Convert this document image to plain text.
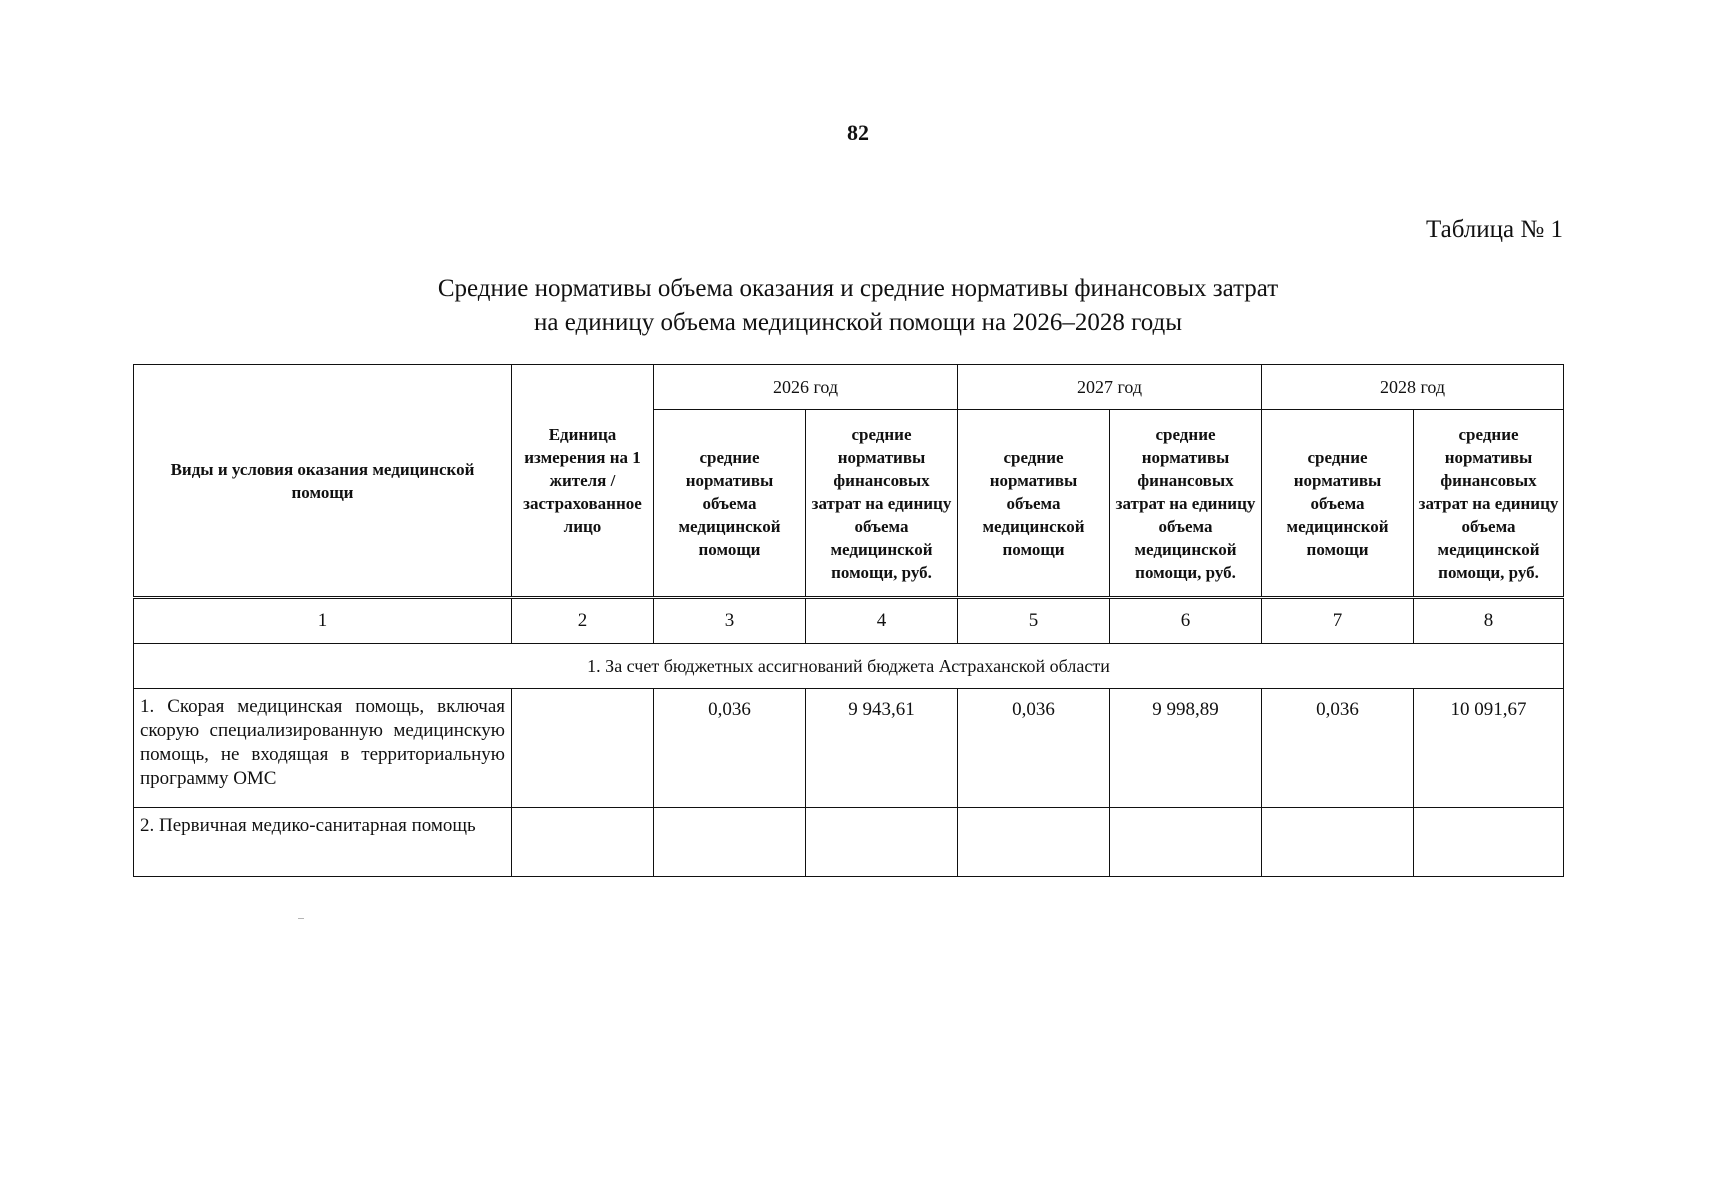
82
Таблица № 1
Средние нормативы объема оказания и средние нормативы финансовых затрат
на единицу объема медицинской помощи на 2026–2028 годы
Виды и условия оказания медицинской помощи	Единица измерения на 1 жителя / застрахованное лицо	2026 год		2027 год		2028 год	
		средние нормативы объема медицинской помощи	средние нормативы финансовых затрат на единицу объема медицинской помощи, руб.	средние нормативы объема медицинской помощи	средние нормативы финансовых затрат на единицу объема медицинской помощи, руб.	средние нормативы объема медицинской помощи	средние нормативы финансовых затрат на единицу объема медицинской помощи, руб.
1	2	3	4	5	6	7	8
1. За счет бюджетных ассигнований бюджета Астраханской области							
1. Скорая медицинская помощь, включая скорую специализированную медицинскую помощь, не входящая в территориальную программу ОМС		0,036	9 943,61	0,036	9 998,89	0,036	10 091,67
2. Первичная медико-санитарная помощь							
